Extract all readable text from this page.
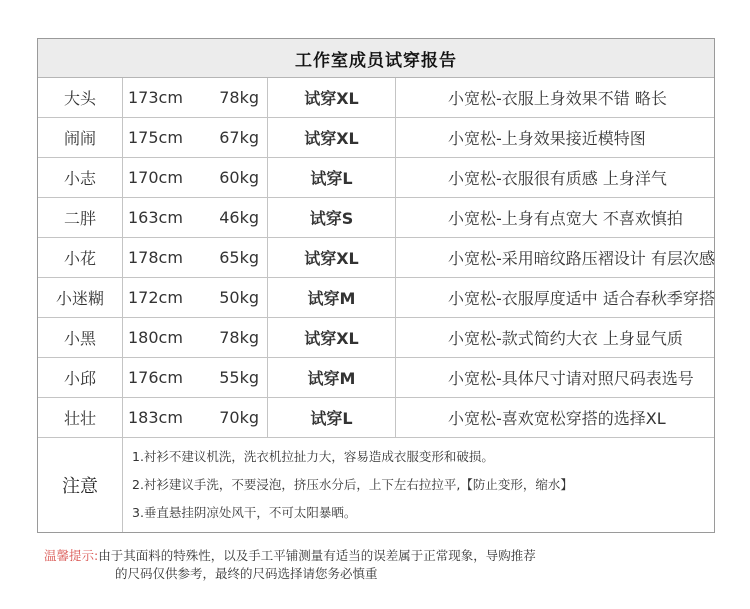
工作室成员试穿报告
大头	173cm	78kg	试穿XL	小宽松-衣服上身效果不错 略长
闹闹	175cm	67kg	试穿XL	小宽松-上身效果接近模特图
小志	170cm	60kg	试穿L	小宽松-衣服很有质感 上身洋气
二胖	163cm	46kg	试穿S	小宽松-上身有点宽大 不喜欢慎拍
小花	178cm	65kg	试穿XL	小宽松-采用暗纹路压褶设计 有层次感
小迷糊	172cm	50kg	试穿M	小宽松-衣服厚度适中 适合春秋季穿搭
小黑	180cm	78kg	试穿XL	小宽松-款式简约大衣 上身显气质
小邱	176cm	55kg	试穿M	小宽松-具体尺寸请对照尺码表选号
壮壮	183cm	70kg	试穿L	小宽松-喜欢宽松穿搭的选择XL
注意
1.衬衫不建议机洗，洗衣机拉扯力大，容易造成衣服变形和破损。
2.衬衫建议手洗，不要浸泡，挤压水分后，上下左右拉拉平,【防止变形，缩水】
3.垂直悬挂阴凉处风干，不可太阳暴晒。
温馨提示:由于其面料的特殊性，以及手工平铺测量有适当的误差属于正常现象，导购推荐
的尺码仅供参考，最终的尺码选择请您务必慎重
